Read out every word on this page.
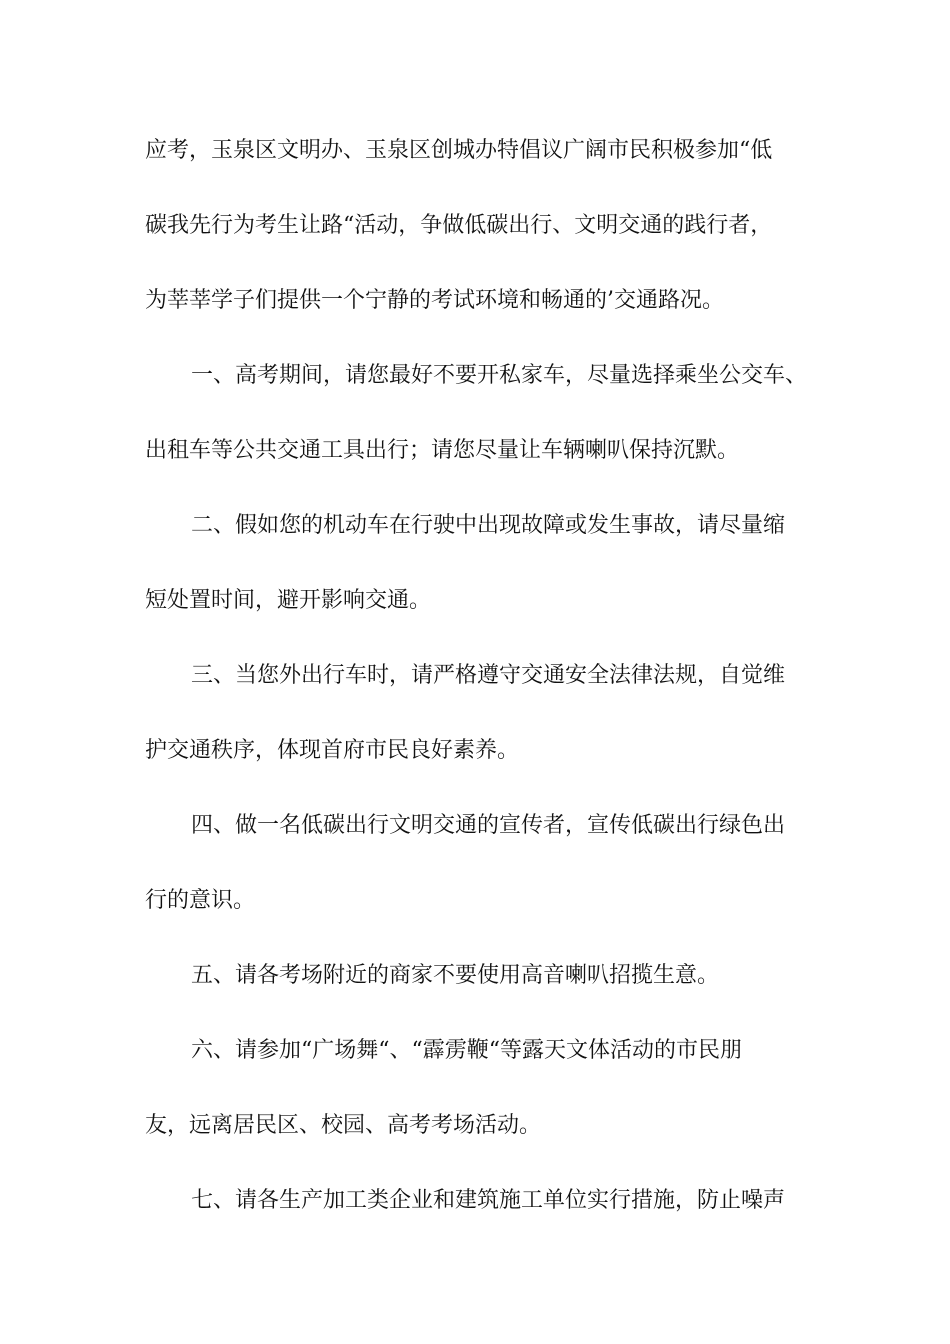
应考，玉泉区文明办、玉泉区创城办特倡议广阔市民积极参加“低
碳我先行为考生让路“活动，争做低碳出行、文明交通的践行者，
为莘莘学子们提供一个宁静的考试环境和畅通的’交通路况。
一、高考期间，请您最好不要开私家车，尽量选择乘坐公交车、
出租车等公共交通工具出行；请您尽量让车辆喇叭保持沉默。
二、假如您的机动车在行驶中出现故障或发生事故，请尽量缩
短处置时间，避开影响交通。
三、当您外出行车时，请严格遵守交通安全法律法规，自觉维
护交通秩序，体现首府市民良好素养。
四、做一名低碳出行文明交通的宣传者，宣传低碳出行绿色出
行的意识。
五、请各考场附近的商家不要使用高音喇叭招揽生意。
六、请参加“广场舞“、“霹雳鞭“等露天文体活动的市民朋
友，远离居民区、校园、高考考场活动。
七、请各生产加工类企业和建筑施工单位实行措施，防止噪声
